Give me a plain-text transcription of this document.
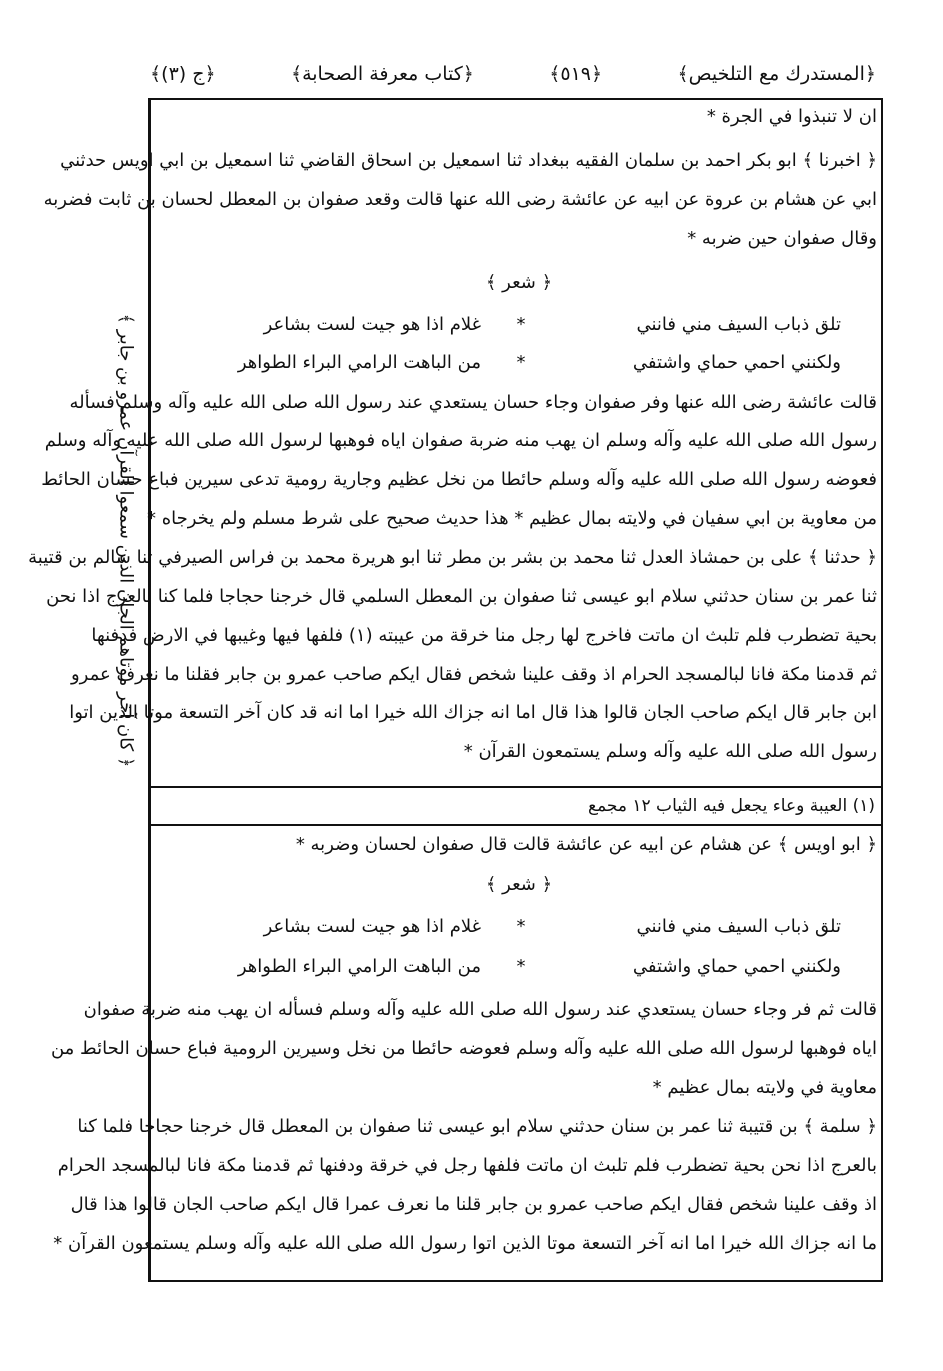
﴿المستدرك مع التلخيص﴾
﴿٥١٩﴾
﴿كتاب معرفة الصحابة﴾
﴿ج (٣)﴾
﴿ كان آخر موتاهم الجان الذين سمعوا القرآن عمرو بن جابر ﴾
ان لا تنبذوا في الجرة *
﴿ اخبرنا ﴾ ابو بكر احمد بن سلمان الفقيه ببغداد ثنا اسمعيل بن اسحاق القاضي ثنا اسمعيل بن ابي اويس حدثني
ابي عن هشام بن عروة عن ابيه عن عائشة رضى الله عنها قالت وقعد صفوان بن المعطل لحسان بن ثابت فضربه
وقال صفوان حين ضربه *
﴿ شعر ﴾
تلق ذباب السيف مني فانني
*
غلام اذا هو جيت لست بشاعر
ولكنني احمي حماي واشتفي
*
من الباهت الرامي البراء الطواهر
قالت عائشة رضى الله عنها وفر صفوان وجاء حسان يستعدي عند رسول الله صلى الله عليه وآله وسلم فسأله
رسول الله صلى الله عليه وآله وسلم ان يهب منه ضربة صفوان اياه فوهبها لرسول الله صلى الله عليه وآله وسلم
فعوضه رسول الله صلى الله عليه وآله وسلم حائطا من نخل عظيم وجارية رومية تدعى سيرين فباع حسان الحائط
من معاوية بن ابي سفيان في ولايته بمال عظيم * هذا حديث صحيح على شرط مسلم ولم يخرجاه *
﴿ حدثنا ﴾ على بن حمشاذ العدل ثنا محمد بن بشر بن مطر ثنا ابو هريرة محمد بن فراس الصيرفي ثنا سالم بن قتيبة
ثنا عمر بن سنان حدثني سلام ابو عيسى ثنا صفوان بن المعطل السلمي قال خرجنا حجاجا فلما كنا بالعرج اذا نحن
بحية تضطرب فلم تلبث ان ماتت فاخرج لها رجل منا خرقة من عيبته (١) فلفها فيها وغيبها في الارض فدفنها
ثم قدمنا مكة فانا لبالمسجد الحرام اذ وقف علينا شخص فقال ايكم صاحب عمرو بن جابر فقلنا ما نعرف عمرو
ابن جابر قال ايكم صاحب الجان قالوا هذا قال اما انه جزاك الله خيرا اما انه قد كان آخر التسعة موتا الذين اتوا
رسول الله صلى الله عليه وآله وسلم يستمعون القرآن *
(١) العيبة وعاء يجعل فيه الثياب ١٢ مجمع
﴿ ابو اويس ﴾ عن هشام عن ابيه عن عائشة قالت قال صفوان لحسان وضربه *
﴿ شعر ﴾
تلق ذباب السيف مني فانني
*
غلام اذا هو جيت لست بشاعر
ولكنني احمي حماي واشتفي
*
من الباهت الرامي البراء الطواهر
قالت ثم فر وجاء حسان يستعدي عند رسول الله صلى الله عليه وآله وسلم فسأله ان يهب منه ضربة صفوان
اياه فوهبها لرسول الله صلى الله عليه وآله وسلم فعوضه حائطا من نخل وسيرين الرومية فباع حسان الحائط من
معاوية في ولايته بمال عظيم *
﴿ سلمة ﴾ بن قتيبة ثنا عمر بن سنان حدثني سلام ابو عيسى ثنا صفوان بن المعطل قال خرجنا حجاجا فلما كنا
بالعرج اذا نحن بحية تضطرب فلم تلبث ان ماتت فلفها رجل في خرقة ودفنها ثم قدمنا مكة فانا لبالمسجد الحرام
اذ وقف علينا شخص فقال ايكم صاحب عمرو بن جابر قلنا ما نعرف عمرا قال ايكم صاحب الجان قالوا هذا قال
ما انه جزاك الله خيرا اما انه آخر التسعة موتا الذين اتوا رسول الله صلى الله عليه وآله وسلم يستمعون القرآن *
